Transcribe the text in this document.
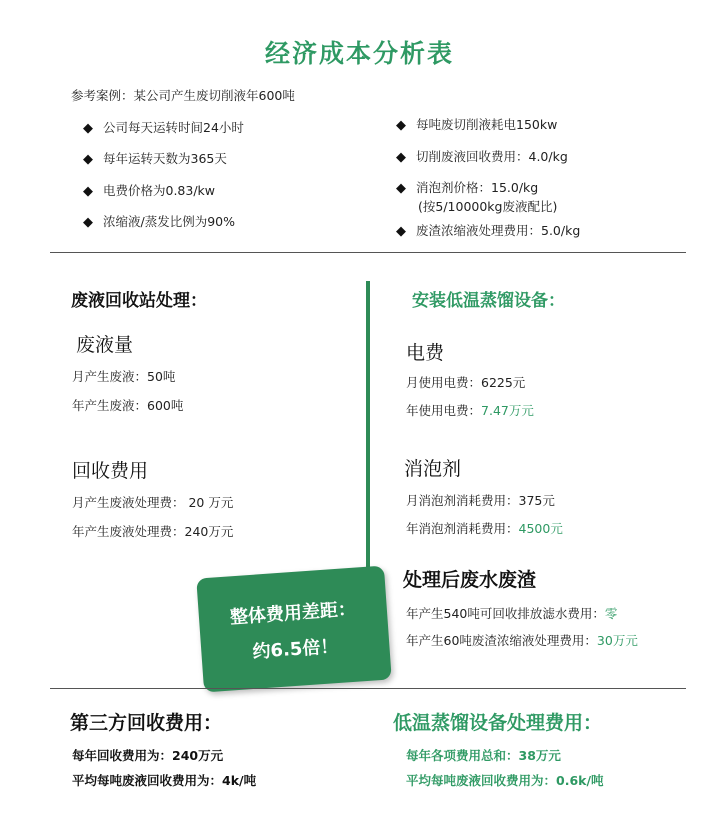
经济成本分析表
参考案例：某公司产生废切削液年600吨
◆ 公司每天运转时间24小时
◆ 每年运转天数为365天
◆ 电费价格为0.83/kw
◆ 浓缩液/蒸发比例为90%
◆ 每吨废切削液耗电150kw
◆ 切削废液回收费用：4.0/kg
◆ 消泡剂价格：15.0/kg
(按5/10000kg废液配比)
◆ 废渣浓缩液处理费用：5.0/kg
废液回收站处理：
废液量
月产生废液：50吨
年产生废液：600吨
回收费用
月产生废液处理费： 20 万元
年产生废液处理费：240万元
安装低温蒸馏设备：
电费
月使用电费：6225元
年使用电费：7.47万元
消泡剂
月消泡剂消耗费用：375元
年消泡剂消耗费用：4500元
处理后废水废渣
年产生540吨可回收排放滤水费用：零
年产生60吨废渣浓缩液处理费用：30万元
整体费用差距：
约6.5倍！
第三方回收费用：
每年回收费用为：240万元
平均每吨废液回收费用为：4k/吨
低温蒸馏设备处理费用：
每年各项费用总和：38万元
平均每吨废液回收费用为：0.6k/吨
